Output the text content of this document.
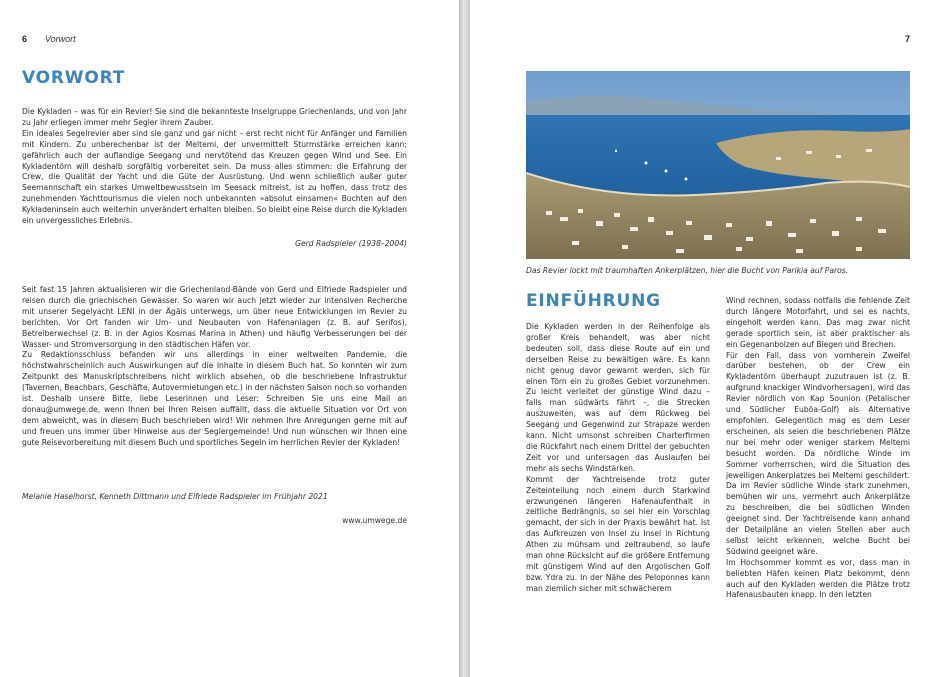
6 Vorwort
VORWORT

Die Kykladen – was für ein Revier! Sie sind die bekannteste Inselgruppe Griechenlands, und von Jahr zu Jahr erliegen immer mehr Segler ihrem Zauber.

Ein ideales Segelrevier aber sind sie ganz und gar nicht – erst recht nicht für Anfänger und Familien mit Kindern. Zu unberechenbar ist der Meltemi, der unvermittelt Sturmstärke erreichen kann; gefährlich auch der auflandige Seegang und nervtötend das Kreuzen gegen Wind und See. Ein Kykladentörn will deshalb sorgfältig vorbereitet sein. Da muss alles stimmen: die Erfahrung der Crew, die Qualität der Yacht und die Güte der Ausrüstung. Und wenn schließlich außer guter Seemannschaft ein starkes Umweltbewusstsein im Seesack mitreist, ist zu hoffen, dass trotz des zunehmenden Yachttourismus die vielen noch unbekannten »absolut einsamen« Buchten auf den Kykladeninseln auch weiterhin unverändert erhalten bleiben. So bleibt eine Reise durch die Kykladen ein unvergessliches Erlebnis.

Gerd Radspieler (1938–2004)

Seit fast 15 Jahren aktualisieren wir die Griechenland-Bände von Gerd und Elfriede Radspieler und reisen durch die griechischen Gewässer. So waren wir auch jetzt wieder zur intensiven Recherche mit unserer Segelyacht LENI in der Ägäis unterwegs, um über neue Entwicklungen im Revier zu berichten. Vor Ort fanden wir Um- und Neubauten von Hafenanlagen (z. B. auf Serifos), Betreiberwechsel (z. B. in der Agios Kosmas Marina in Athen) und häufig Verbesserungen bei der Wasser- und Stromversorgung in den städtischen Häfen vor.

Zu Redaktionsschluss befanden wir uns allerdings in einer weltweiten Pandemie, die höchstwahrscheinlich auch Auswirkungen auf die Inhalte in diesem Buch hat. So konnten wir zum Zeitpunkt des Manuskriptschreibens nicht wirklich absehen, ob die beschriebene Infrastruktur (Tavernen, Beachbars, Geschäfte, Autovermietungen etc.) in der nächsten Saison noch so vorhanden ist. Deshalb unsere Bitte, liebe Leserinnen und Leser: Schreiben Sie uns eine Mail an donau@umwege.de, wenn Ihnen bei Ihren Reisen auffällt, dass die aktuelle Situation vor Ort von dem abweicht, was in diesem Buch beschrieben wird! Wir nehmen Ihre Anregungen gerne mit auf und freuen uns immer über Hinweise aus der Seglergemeinde! Und nun wünschen wir Ihnen eine gute Reisevorbereitung mit diesem Buch und sportliches Segeln im herrlichen Revier der Kykladen!

Melanie Haselhorst, Kenneth Dittmann und Elfriede Radspieler im Frühjahr 2021
www.umwege.de
7

Das Revier lockt mit traumhaften Ankerplätzen, hier die Bucht von Parikia auf Paros.

EINFÜHRUNG

Die Kykladen werden in der Reihenfolge als großer Kreis behandelt, was aber nicht bedeuten soll, dass diese Route auf ein und derselben Reise zu bewältigen wäre. Es kann nicht genug davor gewarnt werden, sich für einen Törn ein zu großes Gebiet vorzunehmen. Zu leicht verleitet der günstige Wind dazu – falls man südwärts fährt –, die Strecken auszuweiten, was auf dem Rückweg bei Seegang und Gegenwind zur Strapaze werden kann. Nicht umsonst schreiben Charterfirmen die Rückfahrt nach einem Drittel der gebuchten Zeit vor und untersagen das Auslaufen bei mehr als sechs Windstärken.

Kommt der Yachtreisende trotz guter Zeiteinteilung noch einem durch Starkwind erzwungenen längeren Hafenaufenthalt in zeitliche Bedrängnis, so sei hier ein Vorschlag gemacht, der sich in der Praxis bewährt hat. Ist das Aufkreuzen von Insel zu Insel in Richtung Athen zu mühsam und zeitraubend, so laufe man ohne Rücksicht auf die größere Entfernung mit günstigem Wind auf den Argolischen Golf bzw. Ydra zu. In der Nähe des Peloponnes kann man ziemlich sicher mit schwächerem

Wind rechnen, sodass notfalls die fehlende Zeit durch längere Motorfahrt, und sei es nachts, eingeholt werden kann. Das mag zwar nicht gerade sportlich sein, ist aber praktischer als ein Gegenanbolzen auf Biegen und Brechen.

Für den Fall, dass von vornherein Zweifel darüber bestehen, ob der Crew ein Kykladentörn überhaupt zuzutrauen ist (z. B. aufgrund knackiger Windvorhersagen), wird das Revier nördlich von Kap Sounion (Petalischer und Südlicher Euböa-Golf) als Alternative empfohlen. Gelegentlich mag es dem Leser erscheinen, als seien die beschriebenen Plätze nur bei mehr oder weniger starkem Meltemi besucht worden. Da nördliche Winde im Sommer vorherrschen, wird die Situation des jeweiligen Ankerplatzes bei Meltemi geschildert. Da im Revier südliche Winde stark zunehmen, bemühen wir uns, vermehrt auch Ankerplätze zu beschreiben, die bei südlichen Winden geeignet sind. Der Yachtreisende kann anhand der Detailpläne an vielen Stellen aber auch selbst leicht erkennen, welche Bucht bei Südwind geeignet wäre.

Im Hochsommer kommt es vor, dass man in beliebten Häfen keinen Platz bekommt, denn auch auf den Kykladen werden die Plätze trotz Hafenausbauten knapp. In den letzten
